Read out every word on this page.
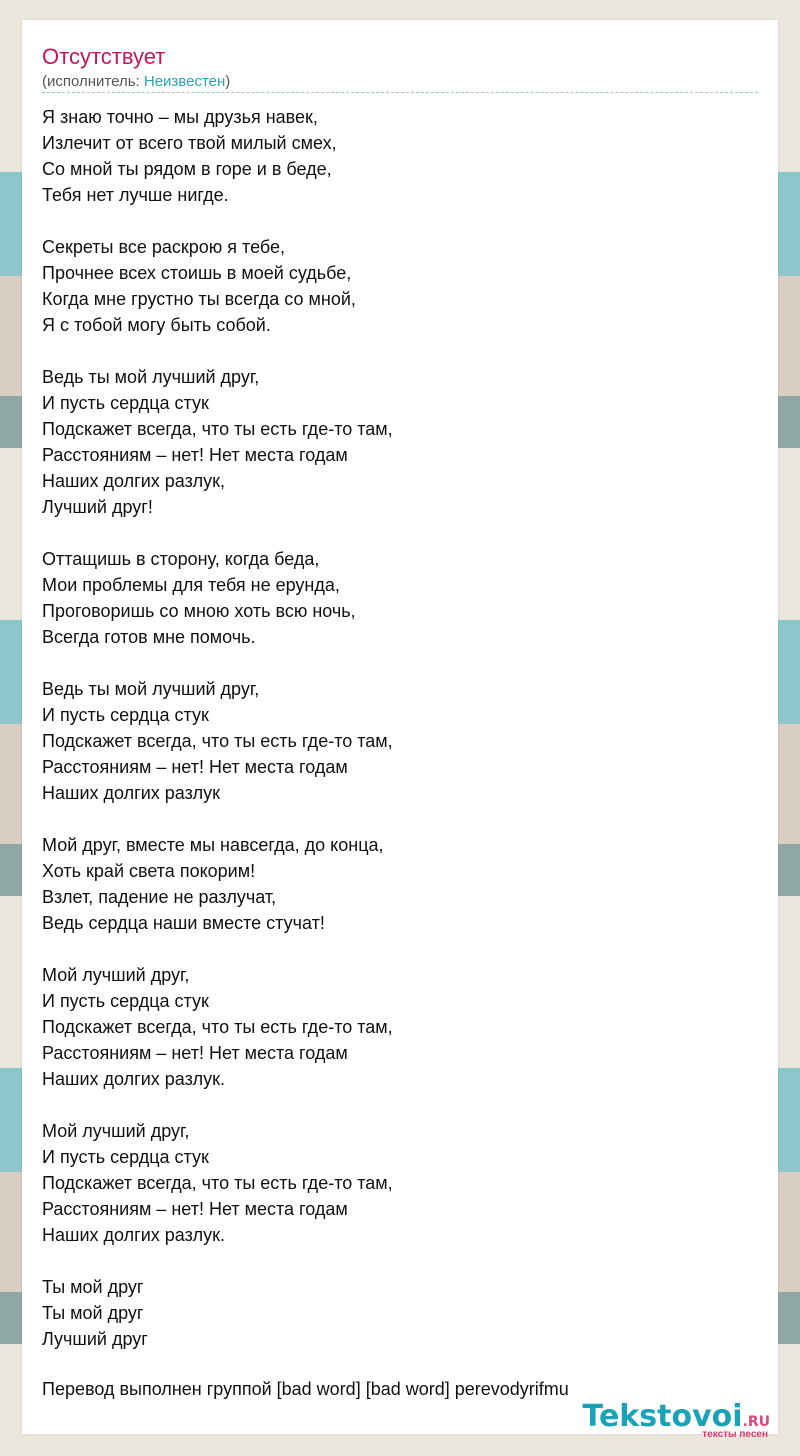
Отсутствует
(исполнитель: Неизвестен)
Я знаю точно – мы друзья навек,
Излечит от всего твой милый смех,
Со мной ты рядом в горе и в беде,
Тебя нет лучше нигде.
Секреты все раскрою я тебе,
Прочнее всех стоишь в моей судьбе,
Когда мне грустно ты всегда со мной,
Я с тобой могу быть собой.
Ведь ты мой лучший друг,
И пусть сердца стук
Подскажет всегда, что ты есть где-то там,
Расстояниям – нет! Нет места годам
Наших долгих разлук,
Лучший друг!
Оттащишь в сторону, когда беда,
Мои проблемы для тебя не ерунда,
Проговоришь со мною хоть всю ночь,
Всегда готов мне помочь.
Ведь ты мой лучший друг,
И пусть сердца стук
Подскажет всегда, что ты есть где-то там,
Расстояниям – нет! Нет места годам
Наших долгих разлук
Мой друг, вместе мы навсегда, до конца,
Хоть край света покорим!
Взлет, падение не разлучат,
Ведь сердца наши вместе стучат!
Мой лучший друг,
И пусть сердца стук
Подскажет всегда, что ты есть где-то там,
Расстояниям – нет! Нет места годам
Наших долгих разлук.
Мой лучший друг,
И пусть сердца стук
Подскажет всегда, что ты есть где-то там,
Расстояниям – нет! Нет места годам
Наших долгих разлук.
Ты мой друг
Ты мой друг
Лучший друг
Перевод выполнен группой [bad word] [bad word] perevodyrifmu
Tekstovoi.RU
тексты песен
